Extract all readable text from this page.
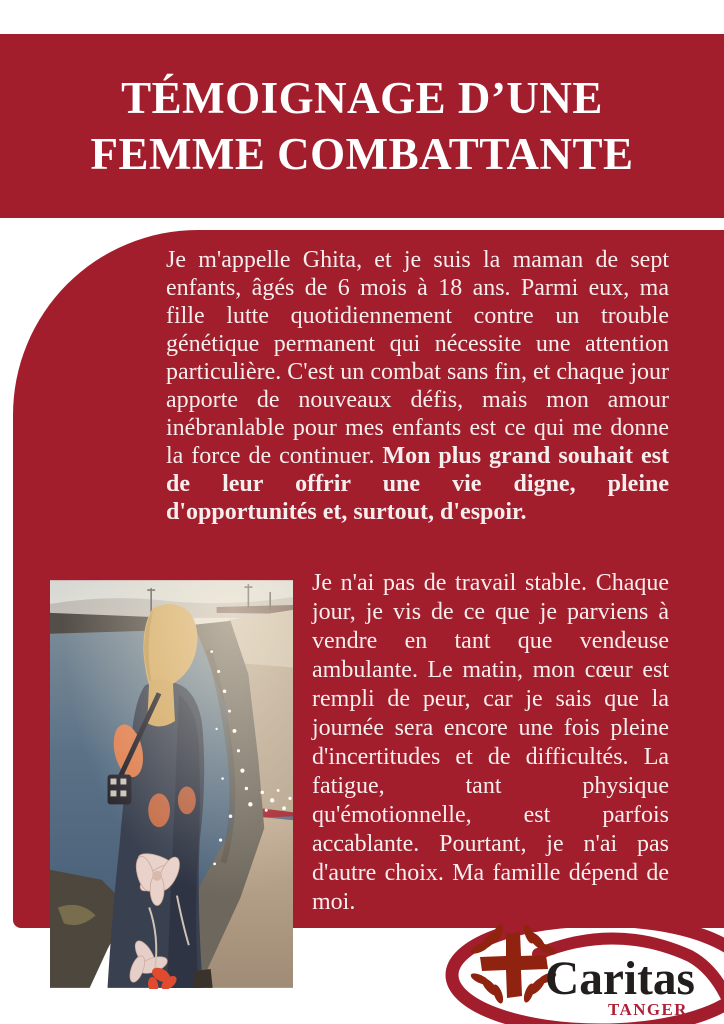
TÉMOIGNAGE D’UNE
FEMME COMBATTANTE

Je m'appelle Ghita, et je suis la maman de sept enfants, âgés de 6 mois à 18 ans. Parmi eux, ma fille lutte quotidiennement contre un trouble génétique permanent qui nécessite une attention particulière. C'est un combat sans fin, et chaque jour apporte de nouveaux défis, mais mon amour inébranlable pour mes enfants est ce qui me donne la force de continuer. Mon plus grand souhait est de leur offrir une vie digne, pleine d'opportunités et, surtout, d'espoir.

Je n'ai pas de travail stable. Chaque jour, je vis de ce que je parviens à vendre en tant que vendeuse ambulante. Le matin, mon cœur est rempli de peur, car je sais que la journée sera encore une fois pleine d'incertitudes et de difficultés. La fatigue, tant physique qu'émotionnelle, est parfois accablante. Pourtant, je n'ai pas d'autre choix. Ma famille dépend de moi.

Caritas
TANGER
